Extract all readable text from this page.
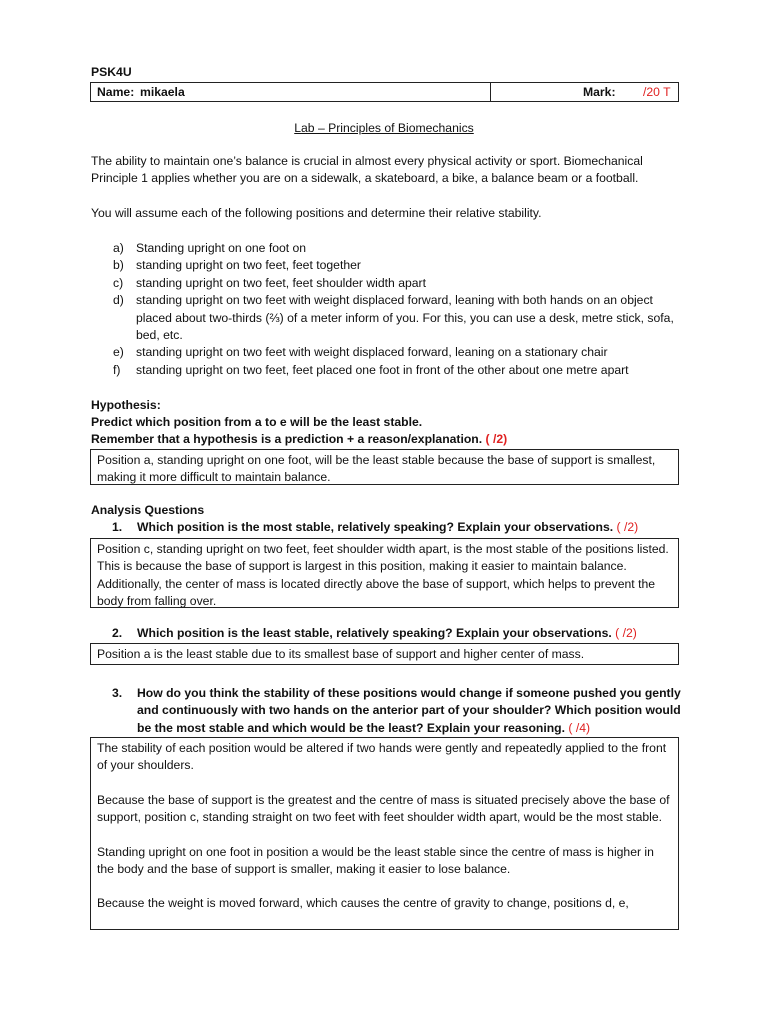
PSK4U
Name: mikaela	Mark: /20 T
Lab – Principles of Biomechanics

The ability to maintain one’s balance is crucial in almost every physical activity or sport. Biomechanical Principle 1 applies whether you are on a sidewalk, a skateboard, a bike, a balance beam or a football.

You will assume each of the following positions and determine their relative stability.

a) Standing upright on one foot on
b) standing upright on two feet, feet together
c) standing upright on two feet, feet shoulder width apart
d) standing upright on two feet with weight displaced forward, leaning with both hands on an object placed about two-thirds (⅔) of a meter inform of you. For this, you can use a desk, metre stick, sofa, bed, etc.
e) standing upright on two feet with weight displaced forward, leaning on a stationary chair
f) standing upright on two feet, feet placed one foot in front of the other about one metre apart
Hypothesis:
Predict which position from a to e will be the least stable.
Remember that a hypothesis is a prediction + a reason/explanation. ( /2)

Position a, standing upright on one foot, will be the least stable because the base of support is smallest, making it more difficult to maintain balance.

Analysis Questions
1. Which position is the most stable, relatively speaking? Explain your observations. ( /2)

Position c, standing upright on two feet, feet shoulder width apart, is the most stable of the positions listed. This is because the base of support is largest in this position, making it easier to maintain balance. Additionally, the center of mass is located directly above the base of support, which helps to prevent the body from falling over.

2. Which position is the least stable, relatively speaking? Explain your observations. ( /2)

Position a is the least stable due to its smallest base of support and higher center of mass.

3. How do you think the stability of these positions would change if someone pushed you gently and continuously with two hands on the anterior part of your shoulder? Which position would be the most stable and which would be the least? Explain your reasoning. ( /4)

The stability of each position would be altered if two hands were gently and repeatedly applied to the front of your shoulders.

Because the base of support is the greatest and the centre of mass is situated precisely above the base of support, position c, standing straight on two feet with feet shoulder width apart, would be the most stable.

Standing upright on one foot in position a would be the least stable since the centre of mass is higher in the body and the base of support is smaller, making it easier to lose balance.

Because the weight is moved forward, which causes the centre of gravity to change, positions d, e,
